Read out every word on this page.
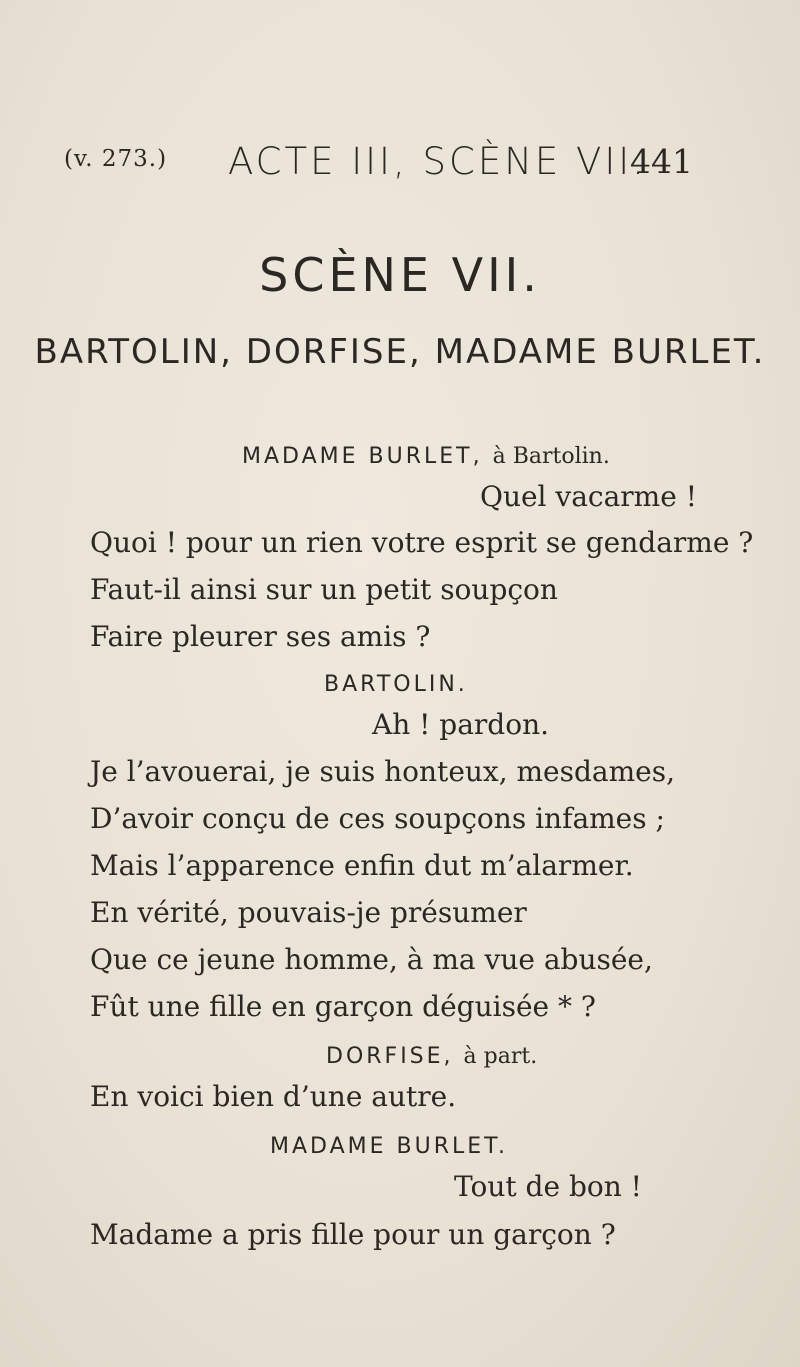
(v. 273.) ACTE III, SCÈNE VII.
441
SCÈNE VII.
BARTOLIN, DORFISE, MADAME BURLET.
MADAME BURLET, à Bartolin.
Quel vacarme !
Quoi ! pour un rien votre esprit se gendarme ?
Faut-il ainsi sur un petit soupçon
Faire pleurer ses amis ?
BARTOLIN.
Ah ! pardon.
Je l’avouerai, je suis honteux, mesdames,
D’avoir conçu de ces soupçons infames ;
Mais l’apparence enfin dut m’alarmer.
En vérité, pouvais-je présumer
Que ce jeune homme, à ma vue abusée,
Fût une fille en garçon déguisée * ?
DORFISE, à part.
En voici bien d’une autre.
MADAME BURLET.
Tout de bon !
Madame a pris fille pour un garçon ?
